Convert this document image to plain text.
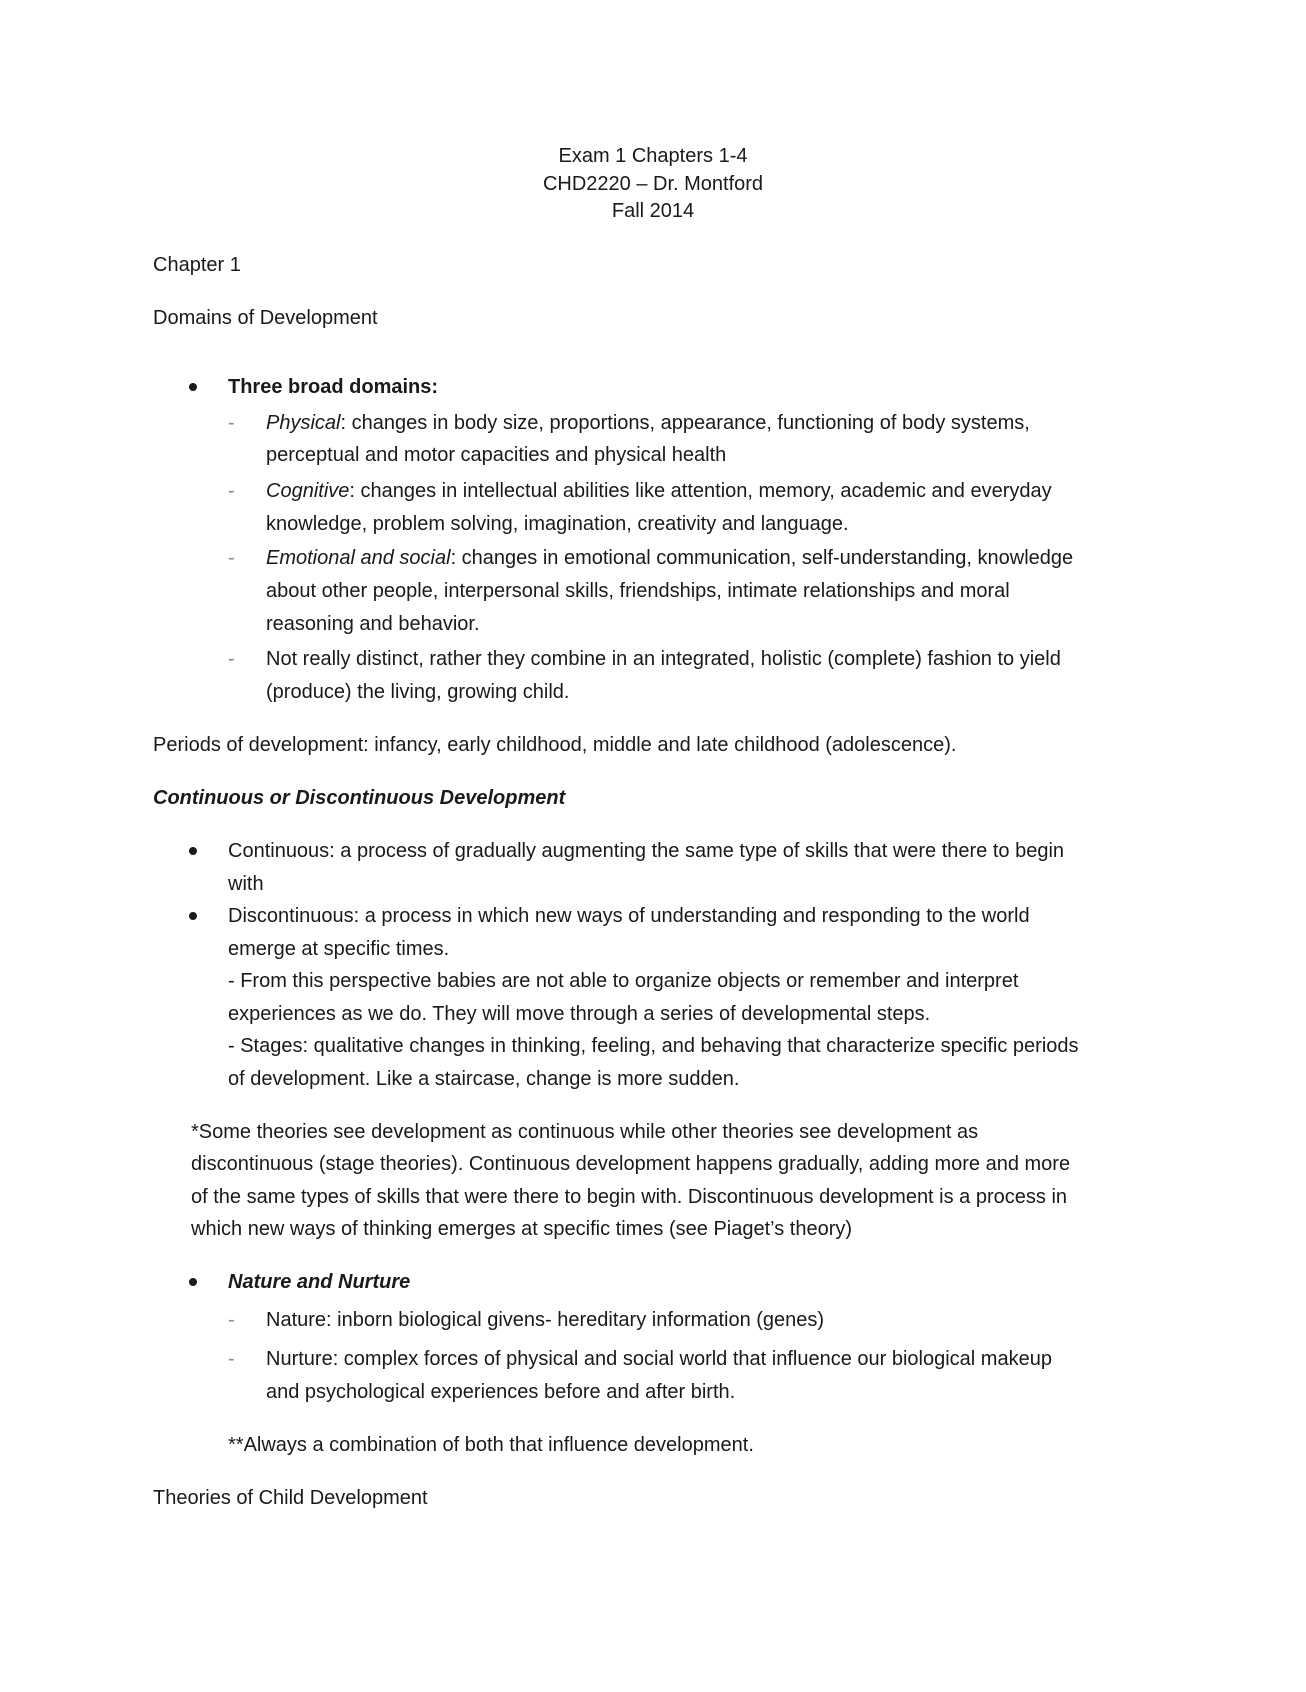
Exam 1 Chapters 1-4

CHD2220 – Dr. Montford

Fall 2014

Chapter 1

Domains of Development

Three broad domains:

- Physical: changes in body size, proportions, appearance, functioning of body systems,

perceptual and motor capacities and physical health

- Cognitive: changes in intellectual abilities like attention, memory, academic and everyday

knowledge, problem solving, imagination, creativity and language.

- Emotional and social: changes in emotional communication, self-understanding, knowledge

about other people, interpersonal skills, friendships, intimate relationships and moral

reasoning and behavior.

- Not really distinct, rather they combine in an integrated, holistic (complete) fashion to yield

(produce) the living, growing child.

Periods of development: infancy, early childhood, middle and late childhood (adolescence).

Continuous or Discontinuous Development

Continuous: a process of gradually augmenting the same type of skills that were there to begin

with

Discontinuous: a process in which new ways of understanding and responding to the world

emerge at specific times.

- From this perspective babies are not able to organize objects or remember and interpret

experiences as we do. They will move through a series of developmental steps.

- Stages: qualitative changes in thinking, feeling, and behaving that characterize specific periods

of development. Like a staircase, change is more sudden.

*Some theories see development as continuous while other theories see development as

discontinuous (stage theories). Continuous development happens gradually, adding more and more

of the same types of skills that were there to begin with. Discontinuous development is a process in

which new ways of thinking emerges at specific times (see Piaget’s theory)

Nature and Nurture

- Nature: inborn biological givens- hereditary information (genes)

- Nurture: complex forces of physical and social world that influence our biological makeup

and psychological experiences before and after birth.

**Always a combination of both that influence development.

Theories of Child Development
